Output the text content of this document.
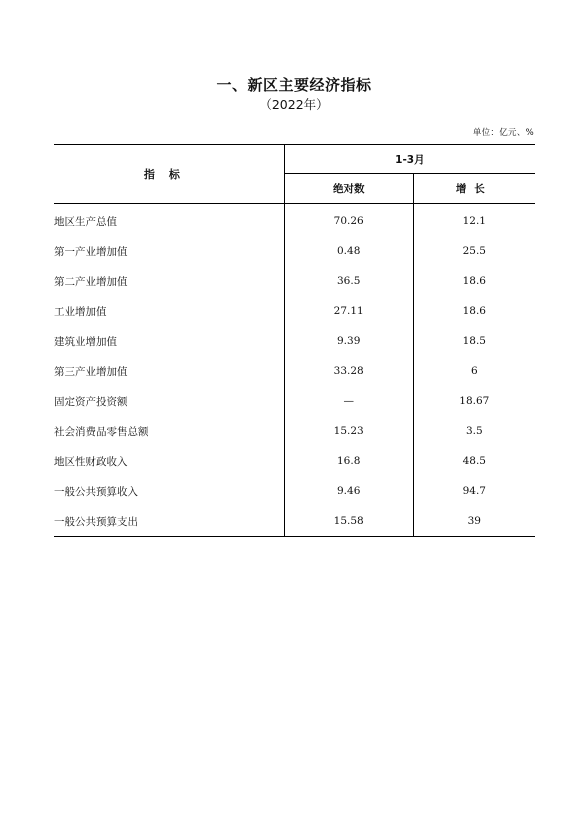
一、新区主要经济指标
（2022年）
单位：亿元、%
指标	1-3月	
	绝对数	增长
地区生产总值	70.26	12.1
第一产业增加值	0.48	25.5
第二产业增加值	36.5	18.6
工业增加值	27.11	18.6
建筑业增加值	9.39	18.5
第三产业增加值	33.28	6
固定资产投资额	—	18.67
社会消费品零售总额	15.23	3.5
地区性财政收入	16.8	48.5
一般公共预算收入	9.46	94.7
一般公共预算支出	15.58	39
